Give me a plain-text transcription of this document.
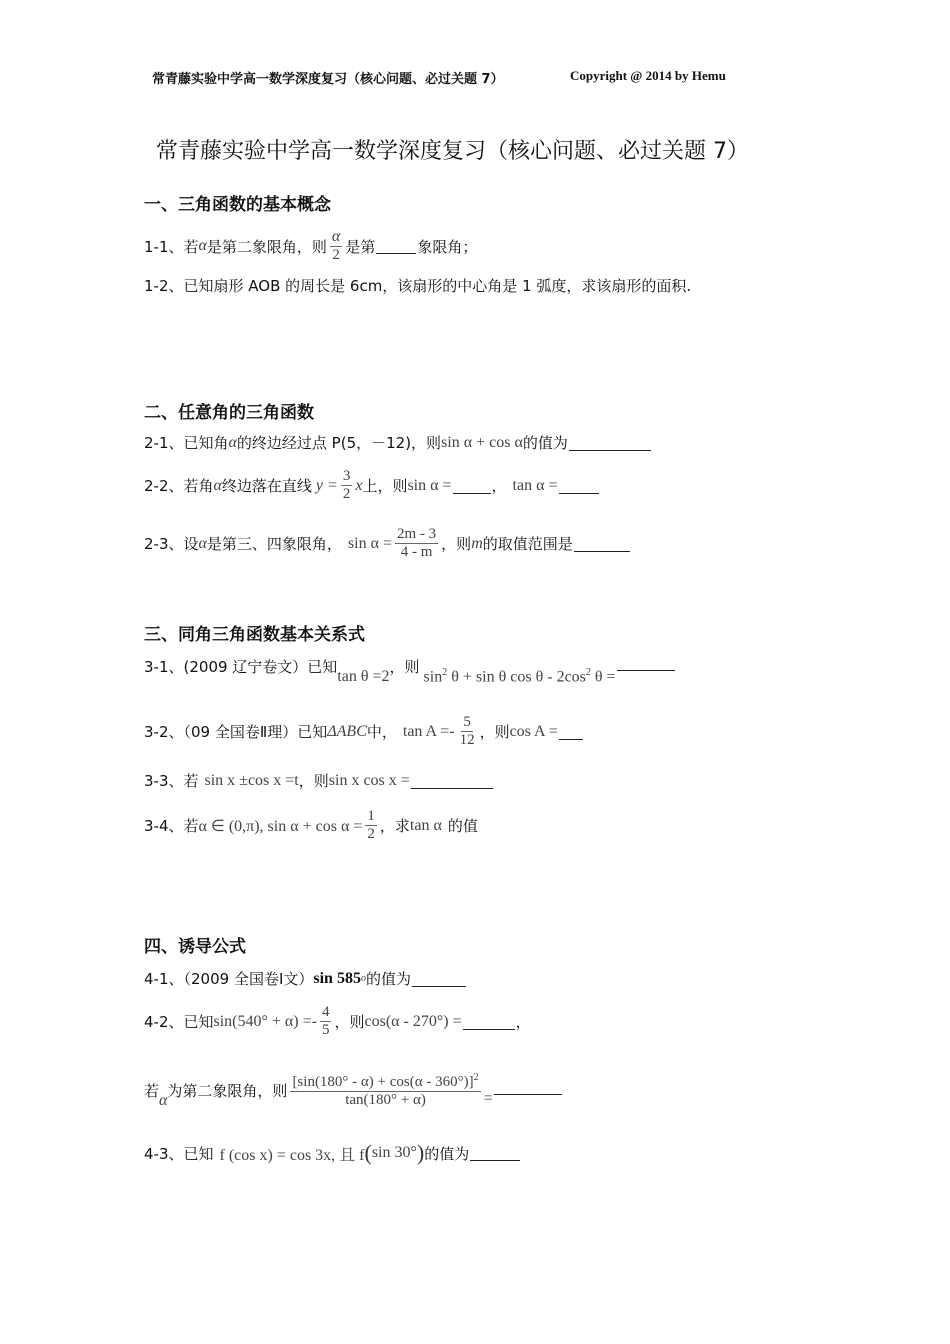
常青藤实验中学高一数学深度复习（核心问题、必过关题 7）	Copyright @ 2014 by Hemu
常青藤实验中学高一数学深度复习（核心问题、必过关题 7）
一、三角函数的基本概念
1-1、若 α 是第二象限角，则 $\frac{\alpha}{2}$ 是第	象限角；
1-2、已知扇形 AOB 的周长是 6cm，该扇形的中心角是 1 弧度，求该扇形的面积.
二、任意角的三角函数
2-1、已知角 α 的终边经过点 P(5，－12)，则 sin α + cos α 的值为
2-2、若角 α 终边落在直线 $y = \frac{3}{2}$ x 上，则 sin α =	， tan α =
2-3、设 α 是第三、四象限角， $\sin \alpha = \frac{2m - 3}{4 - m}$ ，则 m 的取值范围是
三、同角三角函数基本关系式
3-1、(2009 辽宁卷文）已知 tan θ =2 ，则
$\sin^2 \theta + \sin \theta$ cos θ - $2\cos^2$ θ =
3-2、（09 全国卷Ⅱ理）已知 ΔABC 中， $\tan A =- \frac{5}{12}$ ，则 cos A =
3-3、若 sin x ±cos x =t ，则 sin x cos x =
3-4、若 α ∈ (0,π), $\sin \alpha + \cos \alpha = \frac{1}{2}$ ，求 tan α 的值
四、诱导公式
4-1、（2009 全国卷Ⅰ文） sin 585 o 的值为
4-2、已知 $\sin(540^\circ + \alpha) =- \frac{4}{5}$ ，则 cos(α - 270°) =	，
若 α 为第二象限角，则 $\frac{[\sin(180^\circ - \alpha) + \cos(\alpha - 360^\circ)]^2}{\tan(180^\circ + \alpha)}$ =
4-3、已知 f (cos x) = cos 3x, 且 f ( sin 30° ) 的值为
